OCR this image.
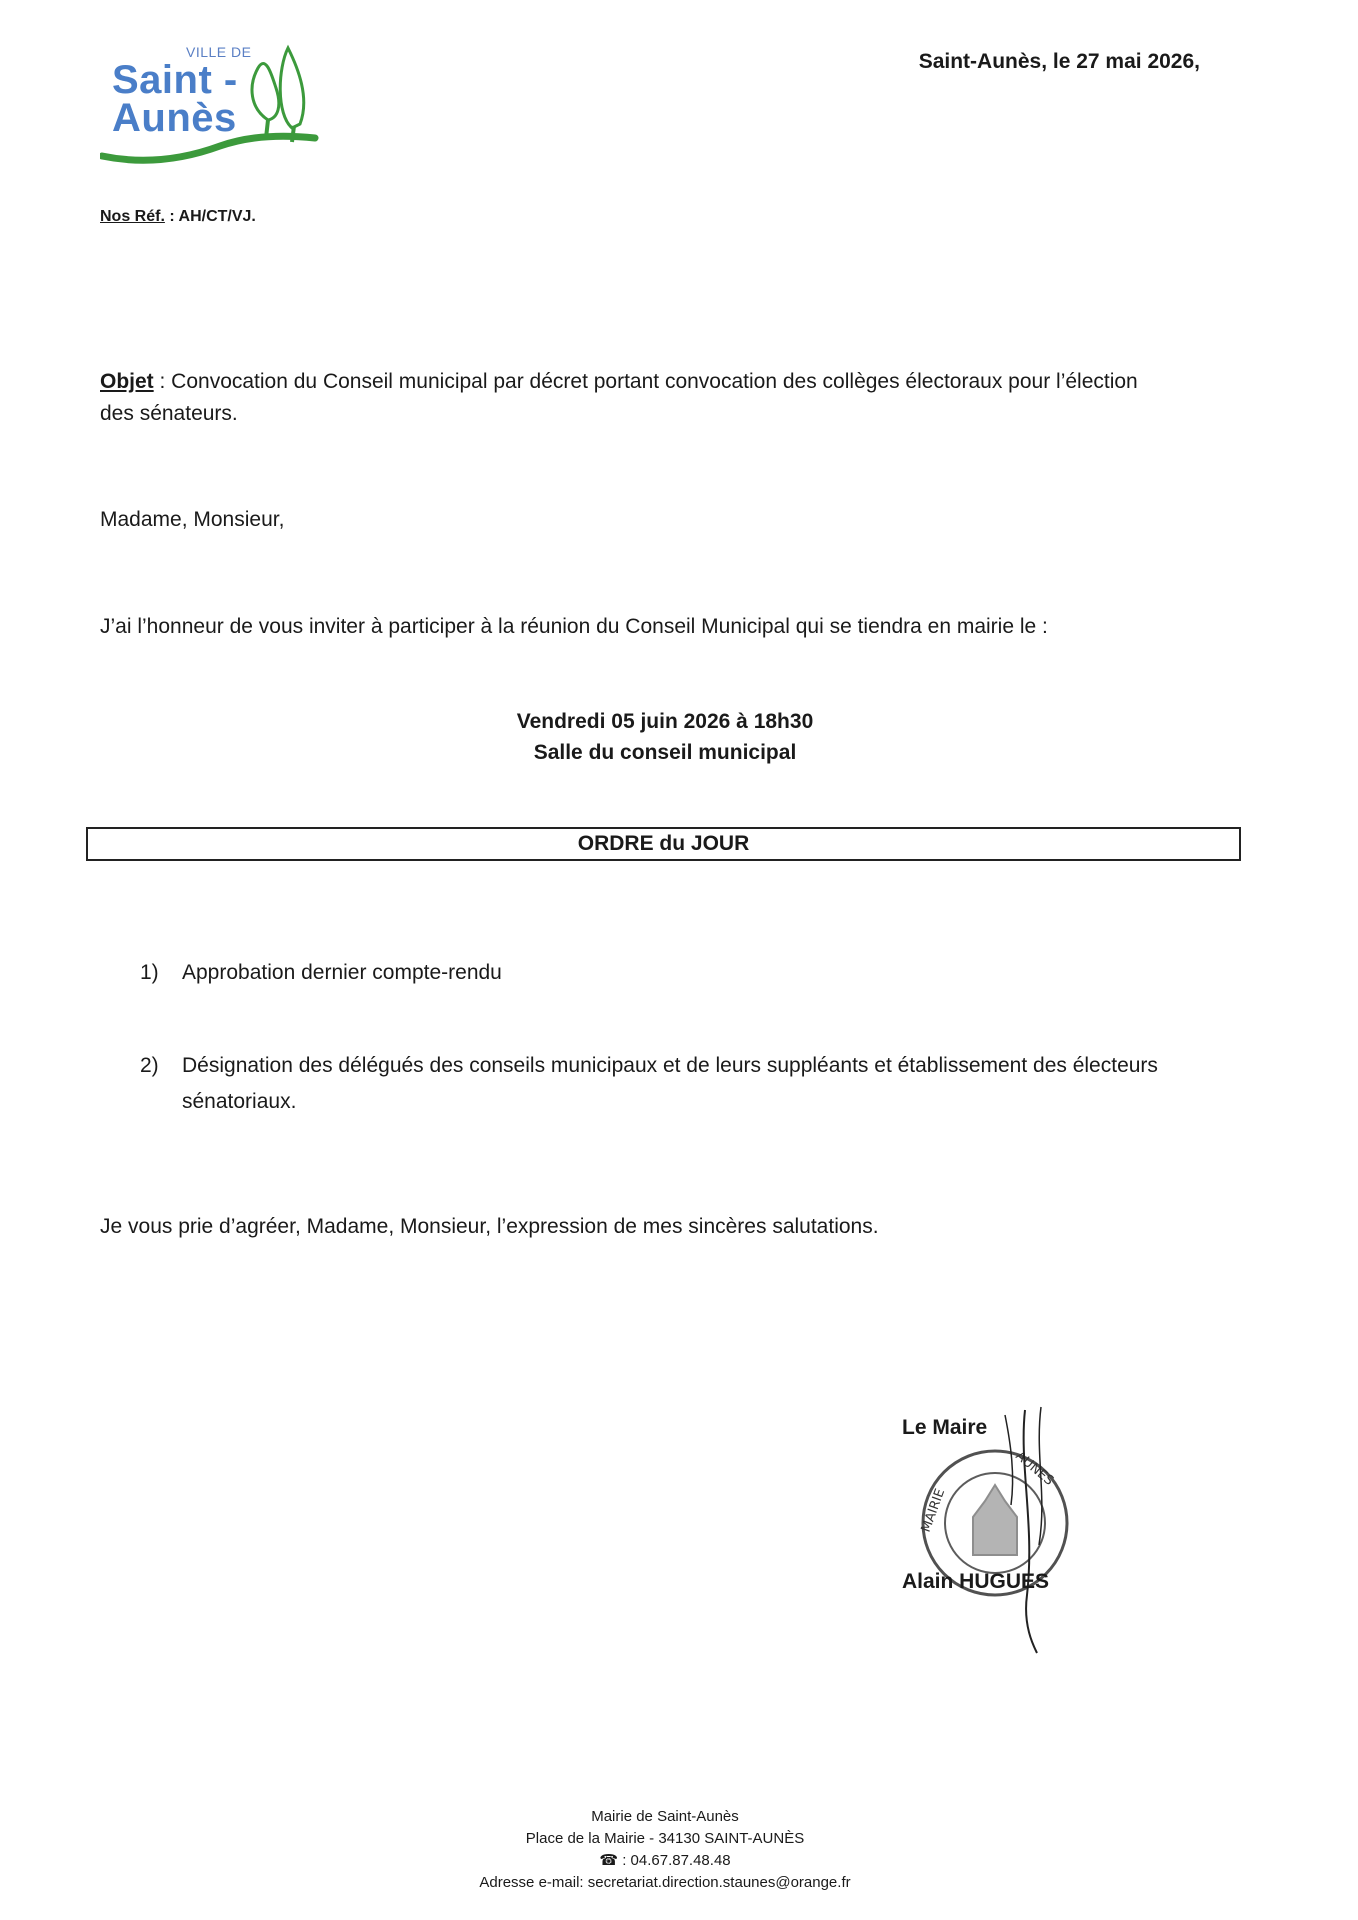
VILLE DE
Saint -
Aunès
Saint-Aunès, le 27 mai 2026,
Nos Réf. : AH/CT/VJ.
Objet : Convocation du Conseil municipal par décret portant convocation des collèges électoraux pour l’élection des sénateurs.
Madame, Monsieur,
J’ai l’honneur de vous inviter à participer à la réunion du Conseil Municipal qui se tiendra en mairie le :
Vendredi 05 juin 2026 à 18h30
Salle du conseil municipal
ORDRE du JOUR
1)	Approbation dernier compte-rendu
2)	Désignation des délégués des conseils municipaux et de leurs suppléants et établissement des électeurs sénatoriaux.
Je vous prie d’agréer, Madame, Monsieur, l’expression de mes sincères salutations.
Le Maire
MAIRIE
AUNES
Alain HUGUES
Mairie de Saint-Aunès
Place de la Mairie - 34130 SAINT-AUNÈS
☎ : 04.67.87.48.48
Adresse e-mail: secretariat.direction.staunes@orange.fr
